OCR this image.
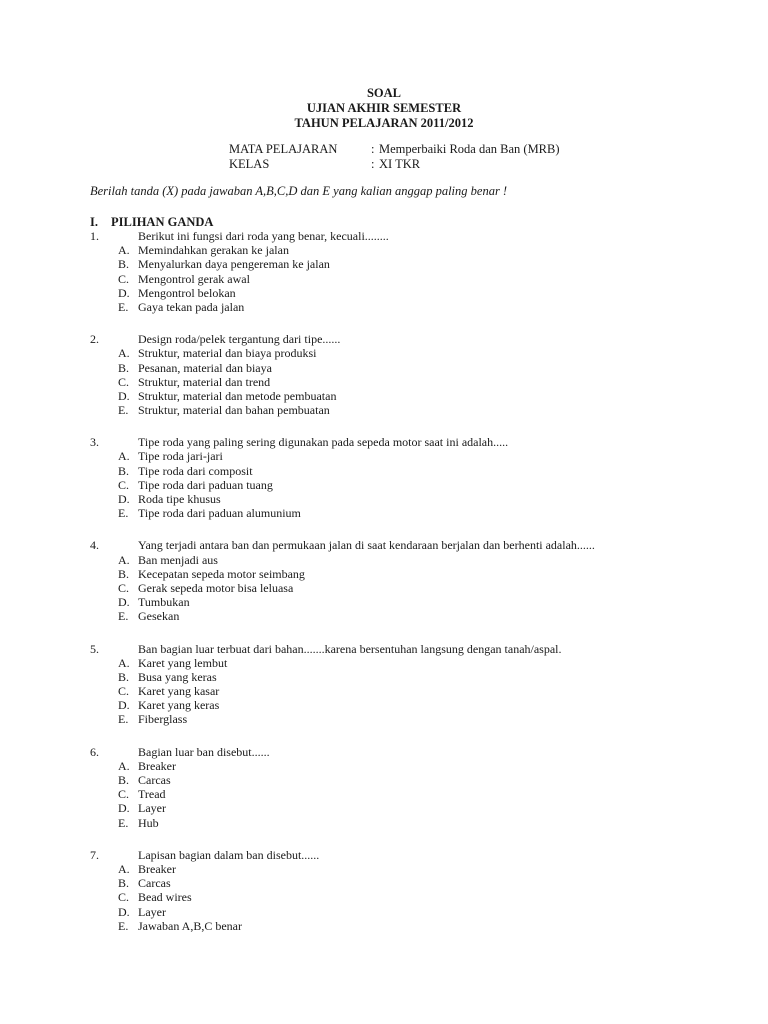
SOAL
UJIAN AKHIR SEMESTER
TAHUN PELAJARAN 2011/2012
MATA PELAJARAN	: Memperbaiki Roda dan Ban (MRB)
KELAS	: XI TKR
Berilah tanda (X) pada jawaban A,B,C,D dan E yang kalian anggap paling benar !
I. PILIHAN GANDA
1.	Berikut ini fungsi dari roda yang benar, kecuali........
A. Memindahkan gerakan ke jalan
B. Menyalurkan daya pengereman ke jalan
C. Mengontrol gerak awal
D. Mengontrol belokan
E. Gaya tekan pada jalan
2.	Design roda/pelek tergantung dari tipe......
A. Struktur, material dan biaya produksi
B. Pesanan, material dan biaya
C. Struktur, material dan trend
D. Struktur, material dan metode pembuatan
E. Struktur, material dan bahan pembuatan
3.	Tipe roda yang paling sering digunakan pada sepeda motor saat ini adalah.....
A. Tipe roda jari-jari
B. Tipe roda dari composit
C. Tipe roda dari paduan tuang
D. Roda tipe khusus
E. Tipe roda dari paduan alumunium
4.	Yang terjadi antara ban dan permukaan jalan di saat kendaraan berjalan dan berhenti adalah......
A. Ban menjadi aus
B. Kecepatan sepeda motor seimbang
C. Gerak sepeda motor bisa leluasa
D. Tumbukan
E. Gesekan
5.	Ban bagian luar terbuat dari bahan.......karena bersentuhan langsung dengan tanah/aspal.
A. Karet yang lembut
B. Busa yang keras
C. Karet yang kasar
D. Karet yang keras
E. Fiberglass
6.	Bagian luar ban disebut......
A. Breaker
B. Carcas
C. Tread
D. Layer
E. Hub
7.	Lapisan bagian dalam ban disebut......
A. Breaker
B. Carcas
C. Bead wires
D. Layer
E. Jawaban A,B,C benar
